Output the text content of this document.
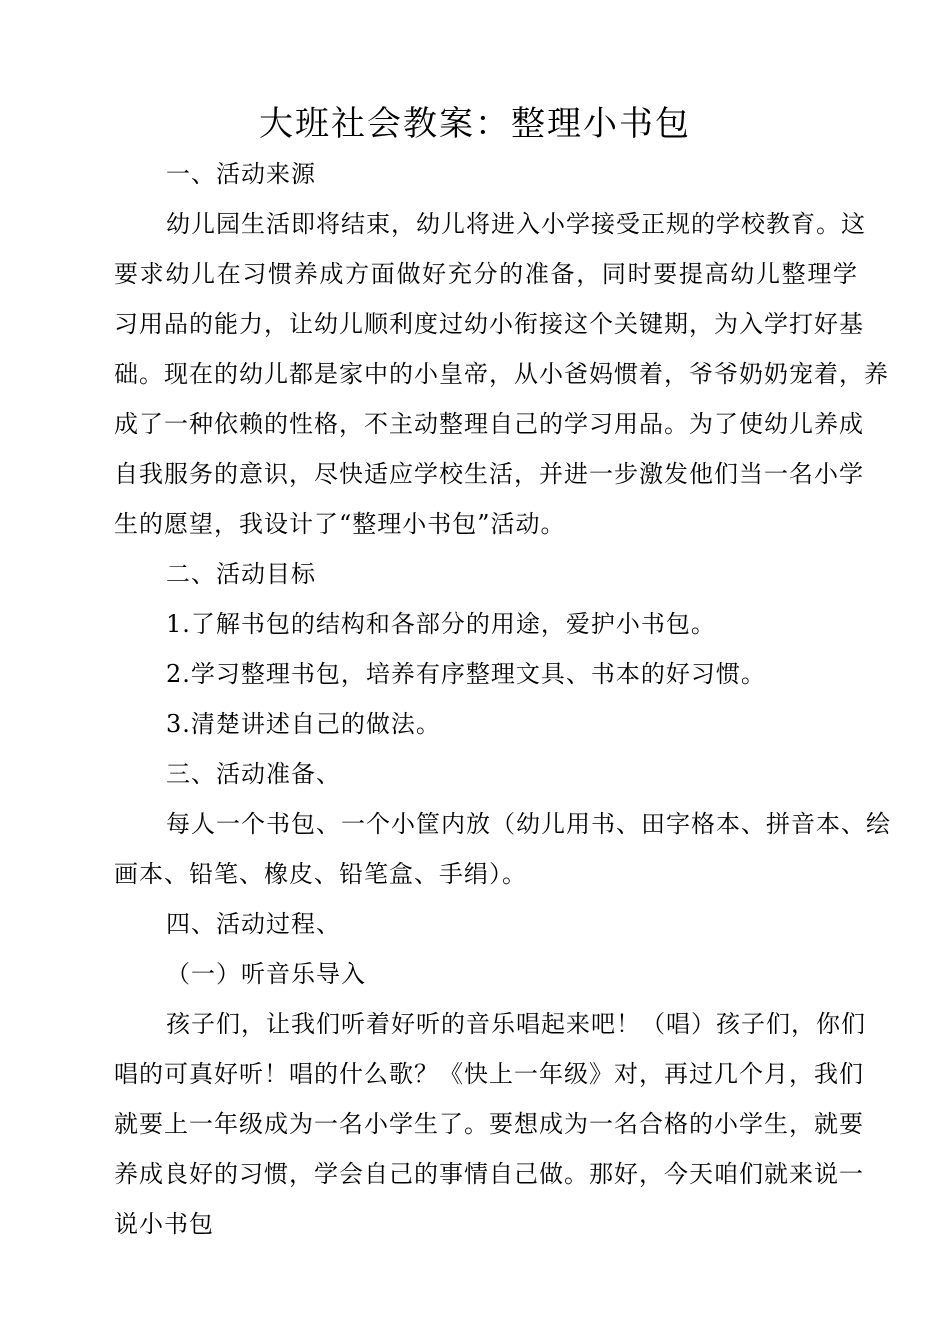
大班社会教案：整理小书包
一、活动来源
幼儿园生活即将结束，幼儿将进入小学接受正规的学校教育。这
要求幼儿在习惯养成方面做好充分的准备，同时要提高幼儿整理学
习用品的能力，让幼儿顺利度过幼小衔接这个关键期，为入学打好基
础。现在的幼儿都是家中的小皇帝，从小爸妈惯着，爷爷奶奶宠着，养
成了一种依赖的性格，不主动整理自己的学习用品。为了使幼儿养成
自我服务的意识，尽快适应学校生活，并进一步激发他们当一名小学
生的愿望，我设计了“整理小书包”活动。
二、活动目标
1.了解书包的结构和各部分的用途，爱护小书包。
2.学习整理书包，培养有序整理文具、书本的好习惯。
3.清楚讲述自己的做法。
三、活动准备、
每人一个书包、一个小筐内放（幼儿用书、田字格本、拼音本、绘
画本、铅笔、橡皮、铅笔盒、手绢）。
四、活动过程、
（一）听音乐导入
孩子们，让我们听着好听的音乐唱起来吧！（唱）孩子们，你们
唱的可真好听！唱的什么歌？《快上一年级》对，再过几个月，我们
就要上一年级成为一名小学生了。要想成为一名合格的小学生，就要
养成良好的习惯，学会自己的事情自己做。那好，今天咱们就来说一
说小书包
